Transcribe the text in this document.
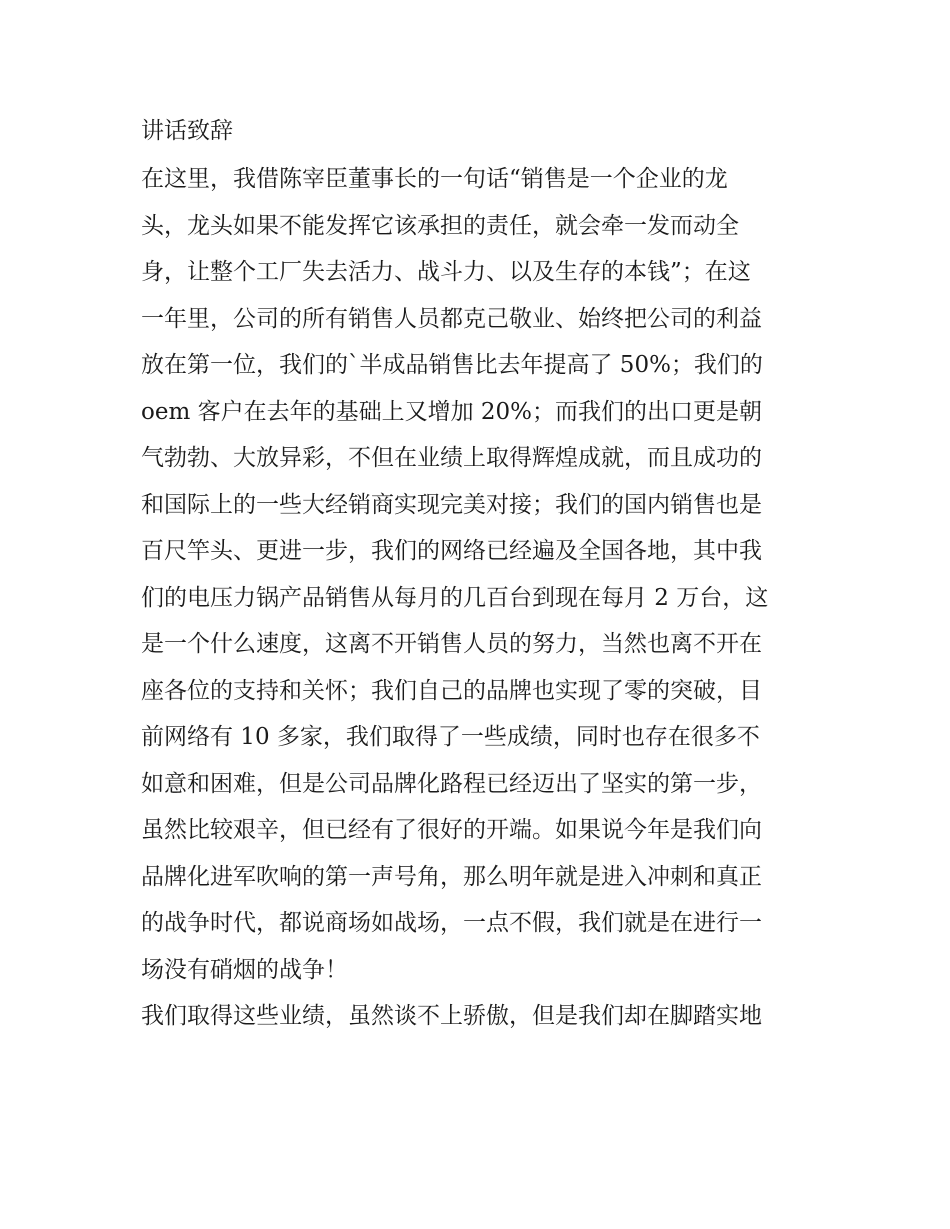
讲话致辞
在这里，我借陈宰臣董事长的一句话“销售是一个企业的龙
头，龙头如果不能发挥它该承担的责任，就会牵一发而动全
身，让整个工厂失去活力、战斗力、以及生存的本钱”；在这
一年里，公司的所有销售人员都克己敬业、始终把公司的利益
放在第一位，我们的`半成品销售比去年提高了 50%；我们的
oem 客户在去年的基础上又增加 20%；而我们的出口更是朝
气勃勃、大放异彩，不但在业绩上取得辉煌成就，而且成功的
和国际上的一些大经销商实现完美对接；我们的国内销售也是
百尺竿头、更进一步，我们的网络已经遍及全国各地，其中我
们的电压力锅产品销售从每月的几百台到现在每月 2 万台，这
是一个什么速度，这离不开销售人员的努力，当然也离不开在
座各位的支持和关怀；我们自己的品牌也实现了零的突破，目
前网络有 10 多家，我们取得了一些成绩，同时也存在很多不
如意和困难，但是公司品牌化路程已经迈出了坚实的第一步，
虽然比较艰辛，但已经有了很好的开端。如果说今年是我们向
品牌化进军吹响的第一声号角，那么明年就是进入冲刺和真正
的战争时代，都说商场如战场，一点不假，我们就是在进行一
场没有硝烟的战争！
我们取得这些业绩，虽然谈不上骄傲，但是我们却在脚踏实地
